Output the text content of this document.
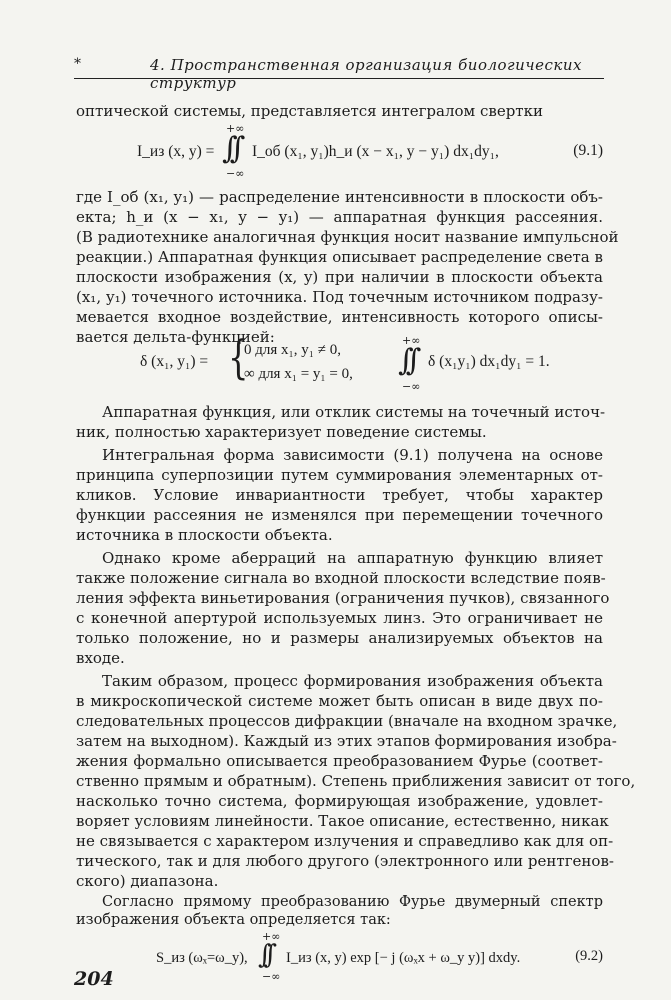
*	4. Пространственная организация биологических структур
оптической системы, представляется интегралом свертки
I_из (x, y) =
+∞
∫∫
−∞
I_об (x₁, y₁)h_и (x − x₁, y − y₁) dx₁dy₁,	(9.1)
где I_об (x₁, y₁) — распределение интенсивности в плоскости объ-
екта; h_и (x − x₁, y − y₁) — аппаратная функция рассеяния.
(В радиотехнике аналогичная функция носит название импульсной
реакции.) Аппаратная функция описывает распределение света в
плоскости изображения (x, y) при наличии в плоскости объекта
(x₁, y₁) точечного источника. Под точечным источником подразу-
мевается входное воздействие, интенсивность которого описы-
вается дельта-функцией:
δ (x₁, y₁) = {
0 для x₁, y₁ ≠ 0,
∞ для x₁ = y₁ = 0,
+∞
∫∫
−∞
δ (x₁y₁) dx₁dy₁ = 1.
Аппаратная функция, или отклик системы на точечный источ-
ник, полностью характеризует поведение системы.
Интегральная форма зависимости (9.1) получена на основе
принципа суперпозиции путем суммирования элементарных от-
кликов. Условие инвариантности требует, чтобы характер
функции рассеяния не изменялся при перемещении точечного
источника в плоскости объекта.
Однако кроме аберраций на аппаратную функцию влияет
также положение сигнала во входной плоскости вследствие появ-
ления эффекта виньетирования (ограничения пучков), связанного
с конечной апертурой используемых линз. Это ограничивает не
только положение, но и размеры анализируемых объектов на
входе.
Таким образом, процесс формирования изображения объекта
в микроскопической системе может быть описан в виде двух по-
следовательных процессов дифракции (вначале на входном зрачке,
затем на выходном). Каждый из этих этапов формирования изобра-
жения формально описывается преобразованием Фурье (соответ-
ственно прямым и обратным). Степень приближения зависит от того,
насколько точно система, формирующая изображение, удовлет-
воряет условиям линейности. Такое описание, естественно, никак
не связывается с характером излучения и справедливо как для оп-
тического, так и для любого другого (электронного или рентгенов-
ского) диапазона.
Согласно прямому преобразованию Фурье двумерный спектр
изображения объекта определяется так:
S_из (ωₓ=ω_y),
+∞
∫∫
−∞
I_из (x, y) exp [− j (ωₓx + ω_y y)] dxdy.	(9.2)
204
